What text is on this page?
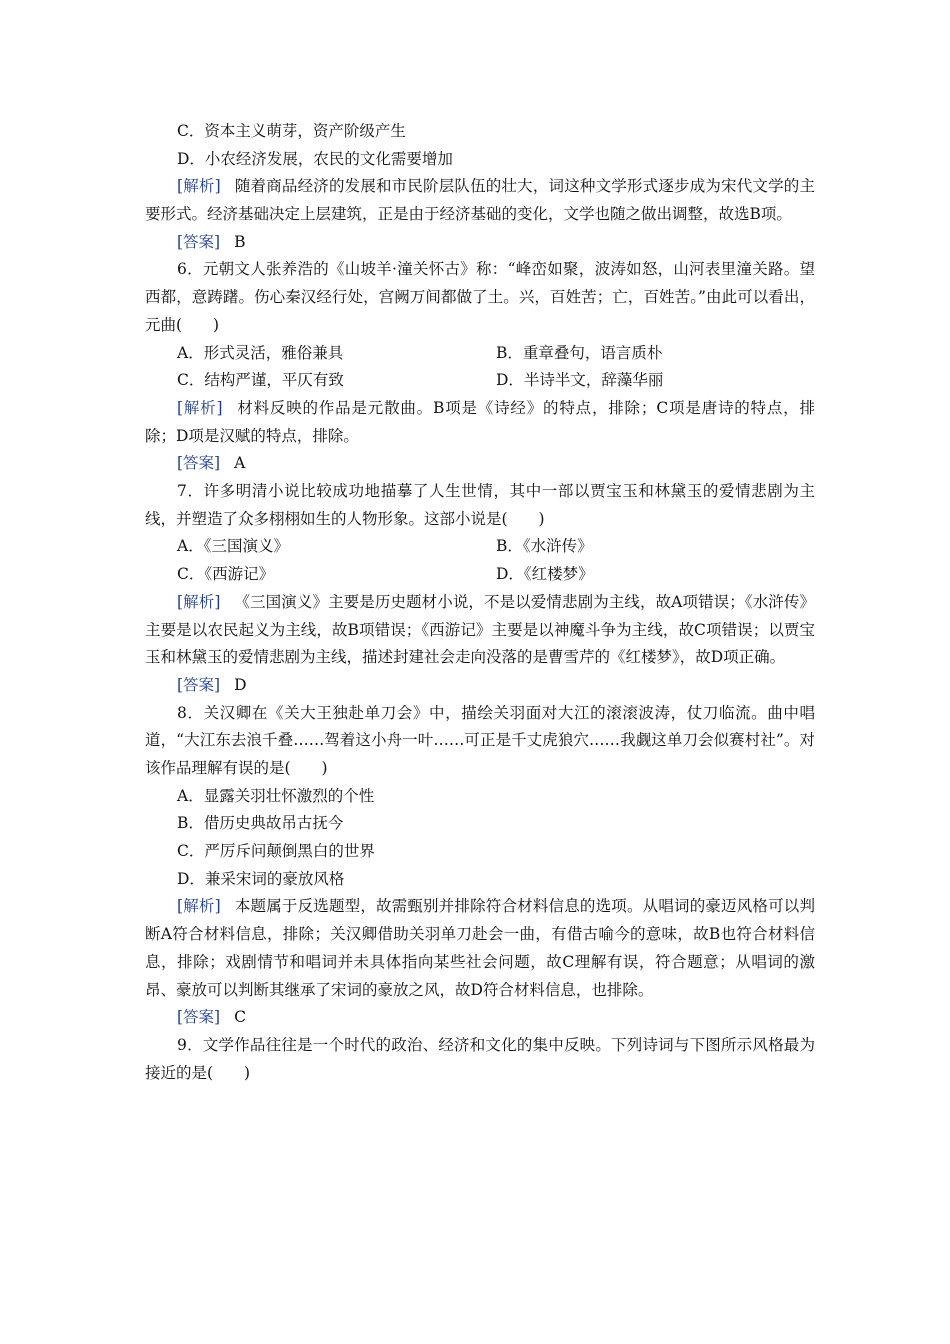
C．资本主义萌芽，资产阶级产生
D．小农经济发展，农民的文化需要增加
[解析] 随着商品经济的发展和市民阶层队伍的壮大，词这种文学形式逐步成为宋代文学的主要形式。经济基础决定上层建筑，正是由于经济基础的变化，文学也随之做出调整，故选B项。
[答案] B
6．元朝文人张养浩的《山坡羊·潼关怀古》称：“峰峦如聚，波涛如怒，山河表里潼关路。望西都，意踌躇。伤心秦汉经行处，宫阙万间都做了土。兴，百姓苦；亡，百姓苦。”由此可以看出，元曲(　　)
A．形式灵活，雅俗兼具	B．重章叠句，语言质朴
C．结构严谨，平仄有致	D．半诗半文，辞藻华丽
[解析] 材料反映的作品是元散曲。B项是《诗经》的特点，排除；C项是唐诗的特点，排除；D项是汉赋的特点，排除。
[答案] A
7．许多明清小说比较成功地描摹了人生世情，其中一部以贾宝玉和林黛玉的爱情悲剧为主线，并塑造了众多栩栩如生的人物形象。这部小说是(　　)
A．《三国演义》	B．《水浒传》
C．《西游记》	D．《红楼梦》
[解析] 《三国演义》主要是历史题材小说，不是以爱情悲剧为主线，故A项错误；《水浒传》主要是以农民起义为主线，故B项错误；《西游记》主要是以神魔斗争为主线，故C项错误；以贾宝玉和林黛玉的爱情悲剧为主线，描述封建社会走向没落的是曹雪芹的《红楼梦》，故D项正确。
[答案] D
8．关汉卿在《关大王独赴单刀会》中，描绘关羽面对大江的滚滚波涛，仗刀临流。曲中唱道，“大江东去浪千叠……驾着这小舟一叶……可正是千丈虎狼穴……我觑这单刀会似赛村社”。对该作品理解有误的是(　　)
A．显露关羽壮怀激烈的个性
B．借历史典故吊古抚今
C．严厉斥问颠倒黑白的世界
D．兼采宋词的豪放风格
[解析] 本题属于反选题型，故需甄别并排除符合材料信息的选项。从唱词的豪迈风格可以判断A符合材料信息，排除；关汉卿借助关羽单刀赴会一曲，有借古喻今的意味，故B也符合材料信息，排除；戏剧情节和唱词并未具体指向某些社会问题，故C理解有误，符合题意；从唱词的激昂、豪放可以判断其继承了宋词的豪放之风，故D符合材料信息，也排除。
[答案] C
9．文学作品往往是一个时代的政治、经济和文化的集中反映。下列诗词与下图所示风格最为接近的是(　　)
